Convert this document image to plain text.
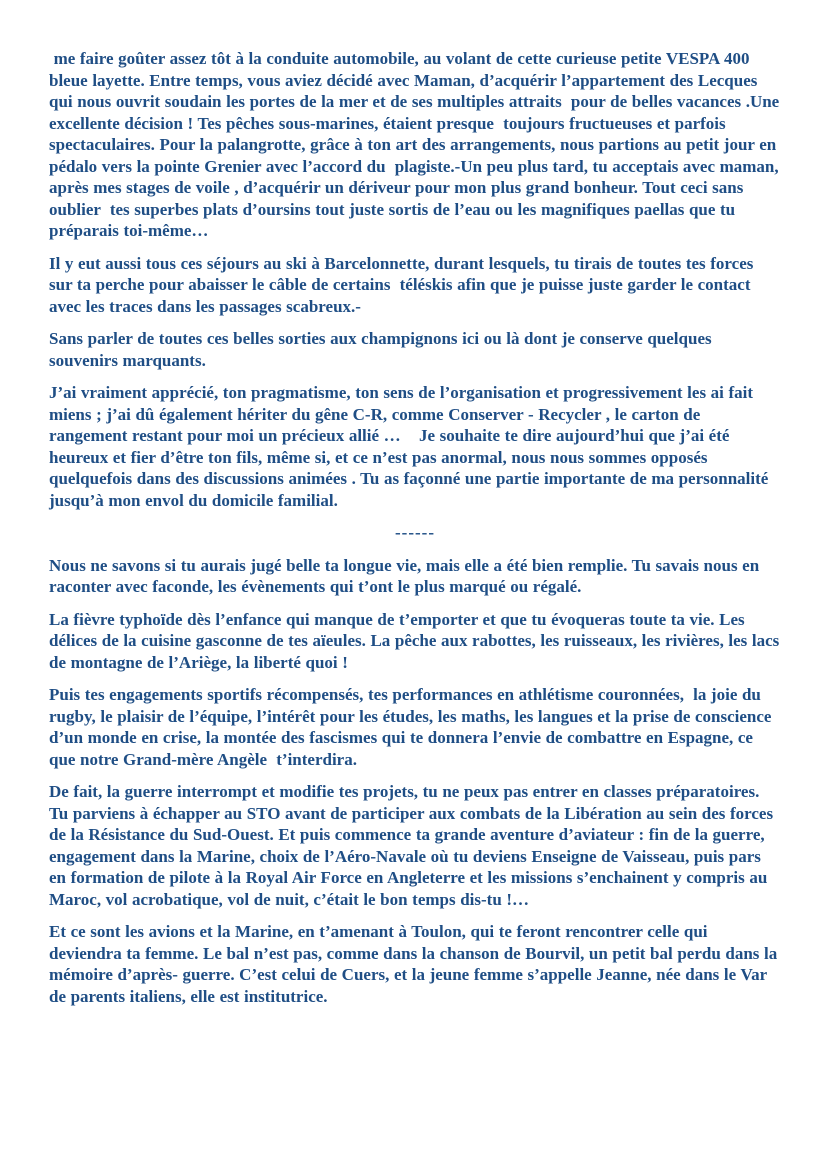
me faire goûter assez tôt à la conduite automobile, au volant de cette curieuse petite VESPA 400 bleue layette. Entre temps, vous aviez décidé avec Maman, d’acquérir l’appartement des Lecques qui nous ouvrit soudain les portes de la mer et de ses multiples attraits  pour de belles vacances .Une excellente décision ! Tes pêches sous-marines, étaient presque  toujours fructueuses et parfois spectaculaires. Pour la palangrotte, grâce à ton art des arrangements, nous partions au petit jour en pédalo vers la pointe Grenier avec l’accord du  plagiste.-Un peu plus tard, tu acceptais avec maman, après mes stages de voile , d’acquérir un dériveur pour mon plus grand bonheur. Tout ceci sans oublier  tes superbes plats d’oursins tout juste sortis de l’eau ou les magnifiques paellas que tu préparais toi-même…

Il y eut aussi tous ces séjours au ski à Barcelonnette, durant lesquels, tu tirais de toutes tes forces sur ta perche pour abaisser le câble de certains  téléskis afin que je puisse juste garder le contact avec les traces dans les passages scabreux.-

Sans parler de toutes ces belles sorties aux champignons ici ou là dont je conserve quelques souvenirs marquants.

J’ai vraiment apprécié, ton pragmatisme, ton sens de l’organisation et progressivement les ai fait miens ; j’ai dû également hériter du gêne C-R, comme Conserver - Recycler , le carton de rangement restant pour moi un précieux allié …    Je souhaite te dire aujourd’hui que j’ai été heureux et fier d’être ton fils, même si, et ce n’est pas anormal, nous nous sommes opposés quelquefois dans des discussions animées . Tu as façonné une partie importante de ma personnalité jusqu’à mon envol du domicile familial.

------

Nous ne savons si tu aurais jugé belle ta longue vie, mais elle a été bien remplie. Tu savais nous en raconter avec faconde, les évènements qui t’ont le plus marqué ou régalé.

La fièvre typhoïde dès l’enfance qui manque de t’emporter et que tu évoqueras toute ta vie. Les délices de la cuisine gasconne de tes aïeules. La pêche aux rabottes, les ruisseaux, les rivières, les lacs de montagne de l’Ariège, la liberté quoi !

Puis tes engagements sportifs récompensés, tes performances en athlétisme couronnées,  la joie du rugby, le plaisir de l’équipe, l’intérêt pour les études, les maths, les langues et la prise de conscience d’un monde en crise, la montée des fascismes qui te donnera l’envie de combattre en Espagne, ce que notre Grand-mère Angèle  t’interdira.

De fait, la guerre interrompt et modifie tes projets, tu ne peux pas entrer en classes préparatoires. Tu parviens à échapper au STO avant de participer aux combats de la Libération au sein des forces de la Résistance du Sud-Ouest. Et puis commence ta grande aventure d’aviateur : fin de la guerre, engagement dans la Marine, choix de l’Aéro-Navale où tu deviens Enseigne de Vaisseau, puis pars en formation de pilote à la Royal Air Force en Angleterre et les missions s’enchainent y compris au Maroc, vol acrobatique, vol de nuit, c’était le bon temps dis-tu !…

Et ce sont les avions et la Marine, en t’amenant à Toulon, qui te feront rencontrer celle qui deviendra ta femme. Le bal n’est pas, comme dans la chanson de Bourvil, un petit bal perdu dans la mémoire d’après- guerre. C’est celui de Cuers, et la jeune femme s’appelle Jeanne, née dans le Var de parents italiens, elle est institutrice.
